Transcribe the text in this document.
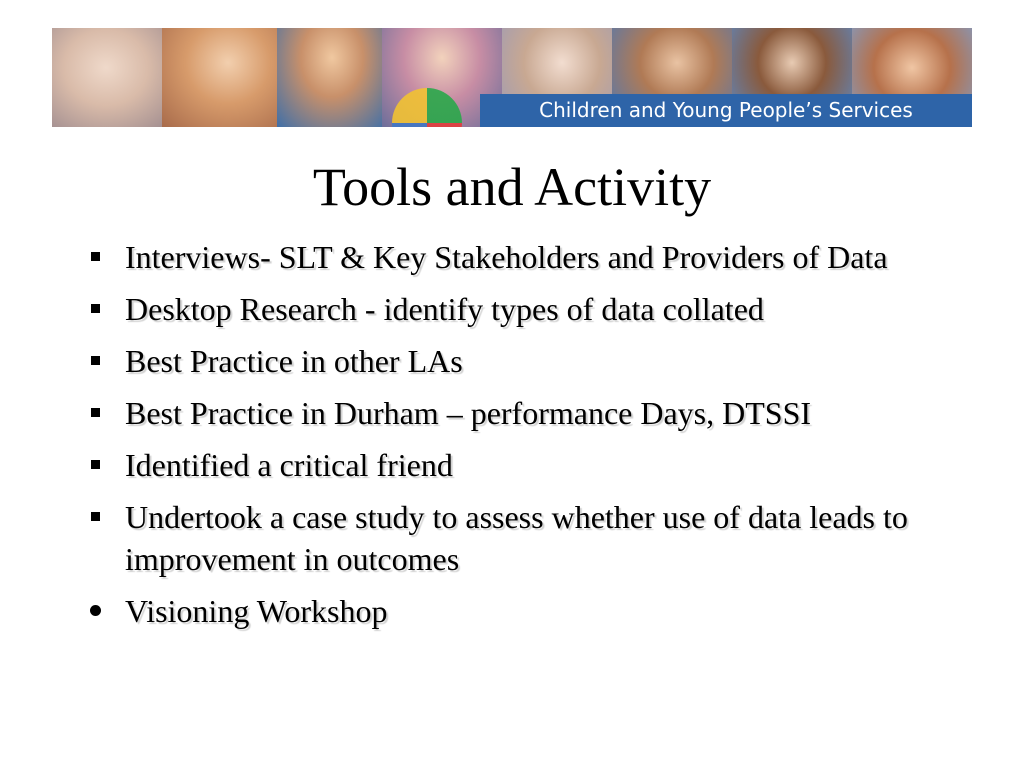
Children and Young People’s Services
Tools and Activity
Interviews- SLT & Key Stakeholders and Providers of Data
Desktop Research - identify types of data collated
Best Practice in other LAs
Best Practice in Durham – performance Days, DTSSI
Identified a critical friend
Undertook a case study to assess whether use of data leads to improvement in outcomes
Visioning Workshop
